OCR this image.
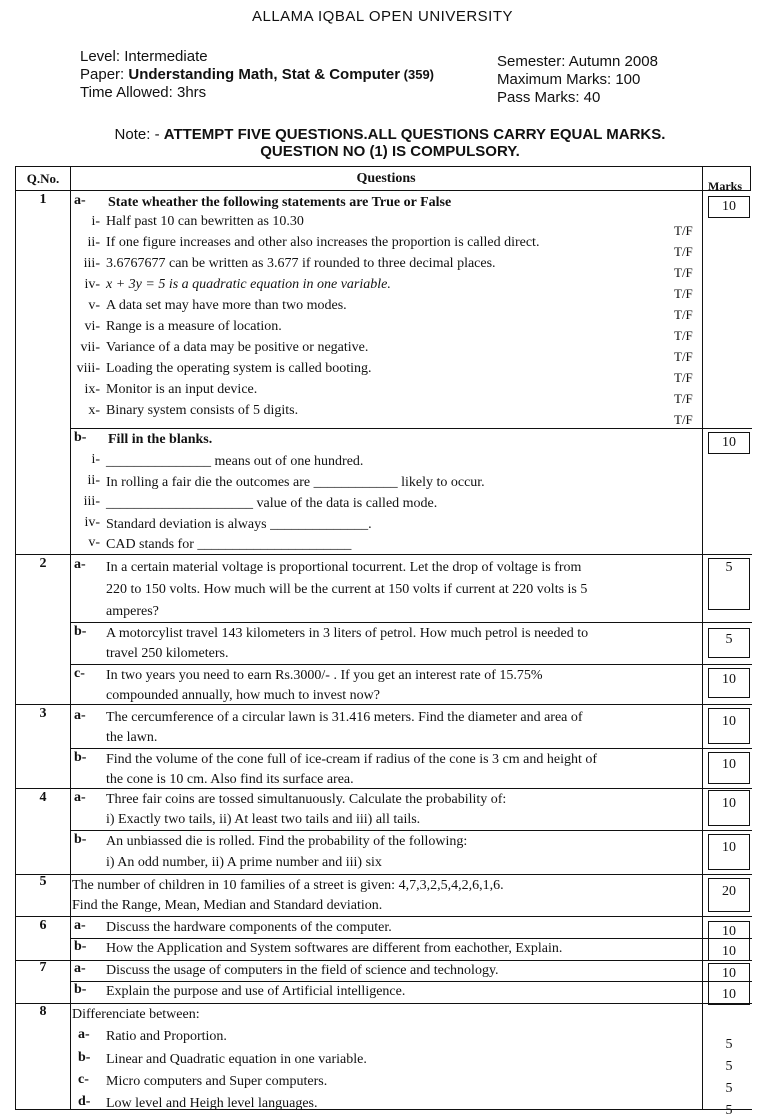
ALLAMA IQBAL OPEN UNIVERSITY
Level: Intermediate
Paper: Understanding Math, Stat & Computer (359)
Time Allowed: 3hrs
Semester: Autumn 2008
Maximum Marks: 100
Pass Marks: 40
Note: - ATTEMPT FIVE QUESTIONS.ALL QUESTIONS CARRY EQUAL MARKS.
QUESTION NO (1) IS COMPULSORY.
Q.No.	Questions	Marks
1	a- State wheather the following statements are True or False	10
i- Half past 10 can bewritten as 10.30
T/F
ii- If one figure increases and other also increases the proportion is called direct.
T/F
iii- 3.6767677 can be written as 3.677 if rounded to three decimal places.
T/F
iv- x + 3y = 5 is a quadratic equation in one variable.
T/F
v- A data set may have more than two modes.
T/F
vi- Range is a measure of location.
T/F
vii- Variance of a data may be positive or negative.
T/F
viii- Loading the operating system is called booting.
T/F
ix- Monitor is an input device.
T/F
x- Binary system consists of 5 digits.
T/F
b- Fill in the blanks.	10
i- _______________ means out of one hundred.
ii- In rolling a fair die the outcomes are ____________ likely to occur.
iii- _____________________ value of the data is called mode.
iv- Standard deviation is always ______________.
v- CAD stands for ______________________
2	a- In a certain material voltage is proportional tocurrent. Let the drop of voltage is from
220 to 150 volts. How much will be the current at 150 volts if current at 220 volts is 5
amperes?
5
b- A motorcylist travel 143 kilometers in 3 liters of petrol. How much petrol is needed to
travel 250 kilometers.
5
c- In two years you need to earn Rs.3000/- . If you get an interest rate of 15.75%
compounded annually, how much to invest now?
10
3	a- The cercumference of a circular lawn is 31.416 meters. Find the diameter and area of
the lawn.
10
b- Find the volume of the cone full of ice-cream if radius of the cone is 3 cm and height of
the cone is 10 cm. Also find its surface area.
10
4	a- Three fair coins are tossed simultanuously. Calculate the probability of:
i) Exactly two tails, ii) At least two tails and iii) all tails.
10
b- An unbiassed die is rolled. Find the probability of the following:
i) An odd number, ii) A prime number and iii) six
10
5	The number of children in 10 families of a street is given: 4,7,3,2,5,4,2,6,1,6.
Find the Range, Mean, Median and Standard deviation.
20
6	a- Discuss the hardware components of the computer.	10
b- How the Application and System softwares are different from eachother, Explain.	10
7	a- Discuss the usage of computers in the field of science and technology.	10
b- Explain the purpose and use of Artificial intelligence.	10
8	Differenciate between:
a- Ratio and Proportion.
5
b- Linear and Quadratic equation in one variable.	5
c- Micro computers and Super computers.	5
d- Low level and Heigh level languages.	5
